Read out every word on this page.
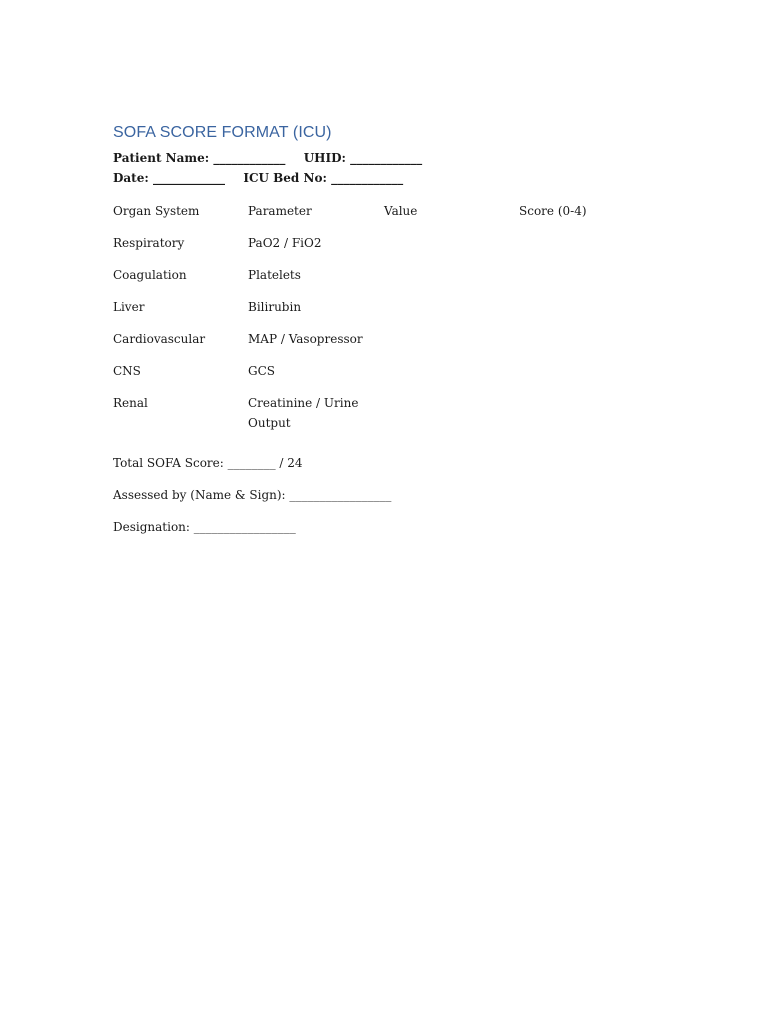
SOFA SCORE FORMAT (ICU)
Patient Name: ____________ UHID: ____________
Date: ____________ ICU Bed No: ____________
Organ System	Parameter	Value	Score (0-4)
Respiratory	PaO2 / FiO2
Coagulation	Platelets
Liver	Bilirubin
Cardiovascular	MAP / Vasopressor
CNS	GCS
Renal	Creatinine / Urine Output
Total SOFA Score: ________ / 24
Assessed by (Name & Sign): _________________
Designation: _________________
